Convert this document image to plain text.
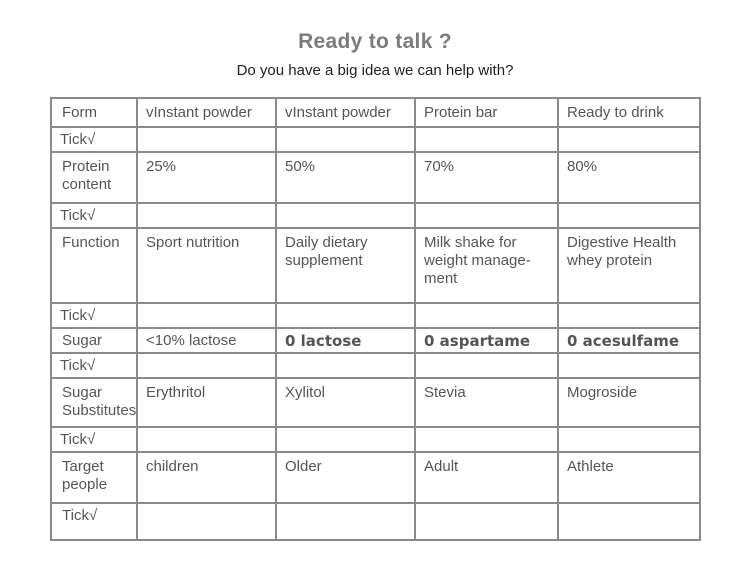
Ready to talk ?
Do you have a big idea we can help with?
Form	vInstant powder	vInstant powder	Protein bar	Ready to drink
Tick√				
Protein content	25%	50%	70%	80%
Tick√				
Function	Sport nutrition	Daily dietary supplement	Milk shake for weight manage-ment	Digestive Health whey protein
Tick√				
Sugar	<10% lactose	0 lactose	0 aspartame	0 acesulfame
Tick√				
Sugar Substitutes	Erythritol	Xylitol	Stevia	Mogroside
Tick√				
Target people	children	Older	Adult	Athlete
Tick√				
